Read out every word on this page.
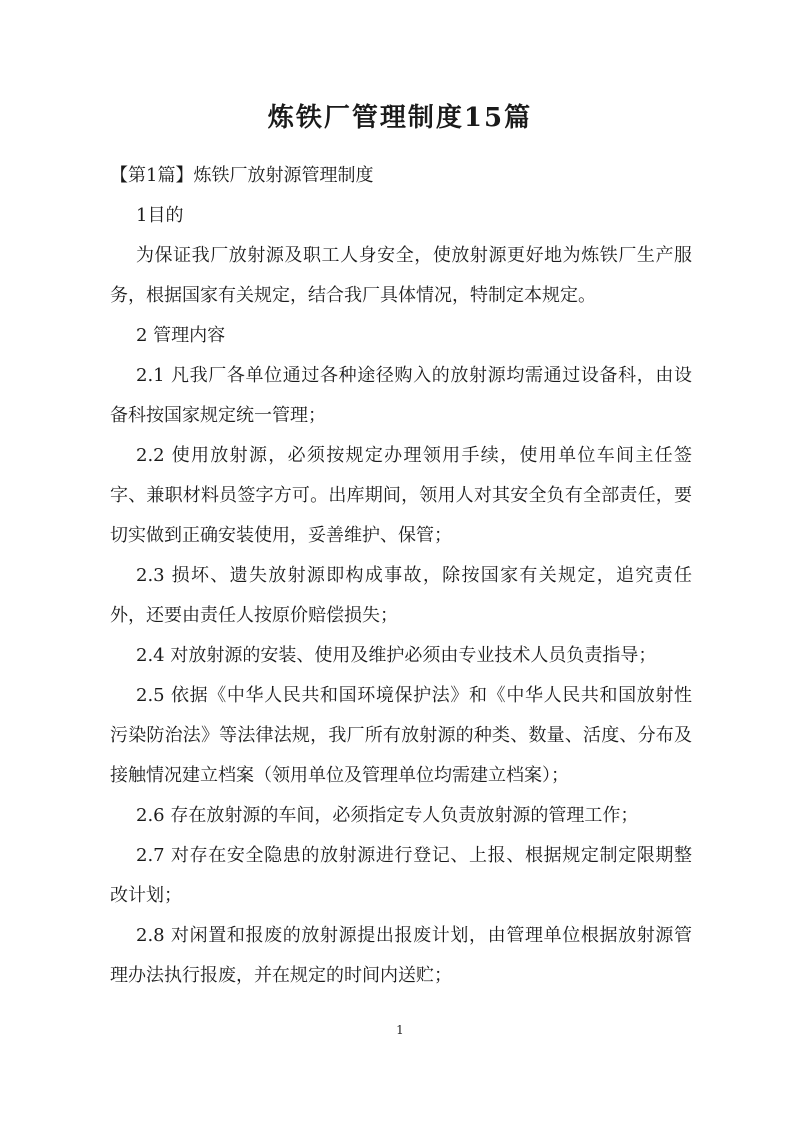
炼铁厂管理制度15篇

【第1篇】炼铁厂放射源管理制度

1目的

为保证我厂放射源及职工人身安全，使放射源更好地为炼铁厂生产服务，根据国家有关规定，结合我厂具体情况，特制定本规定。

2 管理内容

2.1 凡我厂各单位通过各种途径购入的放射源均需通过设备科，由设备科按国家规定统一管理；

2.2 使用放射源，必须按规定办理领用手续，使用单位车间主任签字、兼职材料员签字方可。出库期间，领用人对其安全负有全部责任，要切实做到正确安装使用，妥善维护、保管；

2.3 损坏、遗失放射源即构成事故，除按国家有关规定，追究责任外，还要由责任人按原价赔偿损失；

2.4 对放射源的安装、使用及维护必须由专业技术人员负责指导；

2.5 依据《中华人民共和国环境保护法》和《中华人民共和国放射性污染防治法》等法律法规，我厂所有放射源的种类、数量、活度、分布及接触情况建立档案（领用单位及管理单位均需建立档案）；

2.6 存在放射源的车间，必须指定专人负责放射源的管理工作；

2.7 对存在安全隐患的放射源进行登记、上报、根据规定制定限期整改计划；

2.8 对闲置和报废的放射源提出报废计划，由管理单位根据放射源管理办法执行报废，并在规定的时间内送贮；

1
